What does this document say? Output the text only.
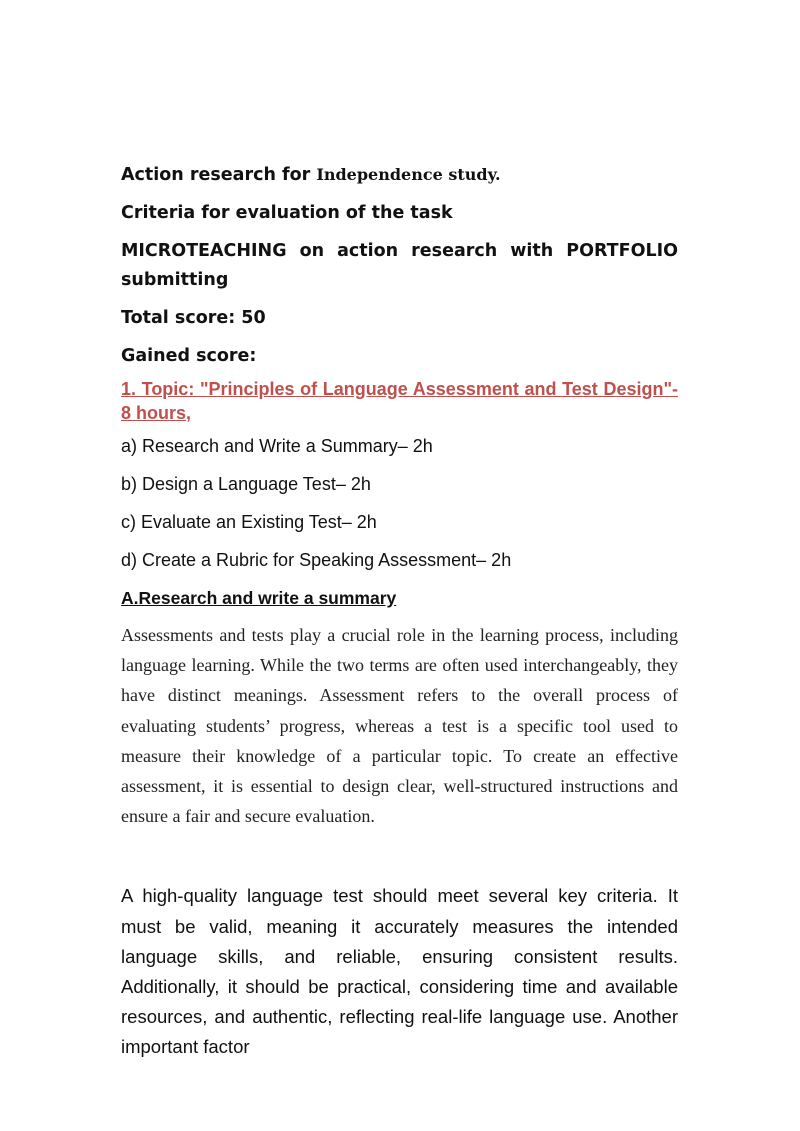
Action research for Independence study.

Criteria for evaluation of the task

MICROTEACHING on action research with PORTFOLIO submitting

Total score: 50

Gained score:

1. Topic: "Principles of Language Assessment and Test Design"- 8 hours,

a) Research and Write a Summary– 2h

b) Design a Language Test– 2h

c) Evaluate an Existing Test– 2h

d) Create a Rubric for Speaking Assessment– 2h

A.Research and write a summary

Assessments and tests play a crucial role in the learning process, including language learning. While the two terms are often used interchangeably, they have distinct meanings. Assessment refers to the overall process of evaluating students’ progress, whereas a test is a specific tool used to measure their knowledge of a particular topic. To create an effective assessment, it is essential to design clear, well-structured instructions and ensure a fair and secure evaluation.

A high-quality language test should meet several key criteria. It must be valid, meaning it accurately measures the intended language skills, and reliable, ensuring consistent results. Additionally, it should be practical, considering time and available resources, and authentic, reflecting real-life language use. Another important factor
